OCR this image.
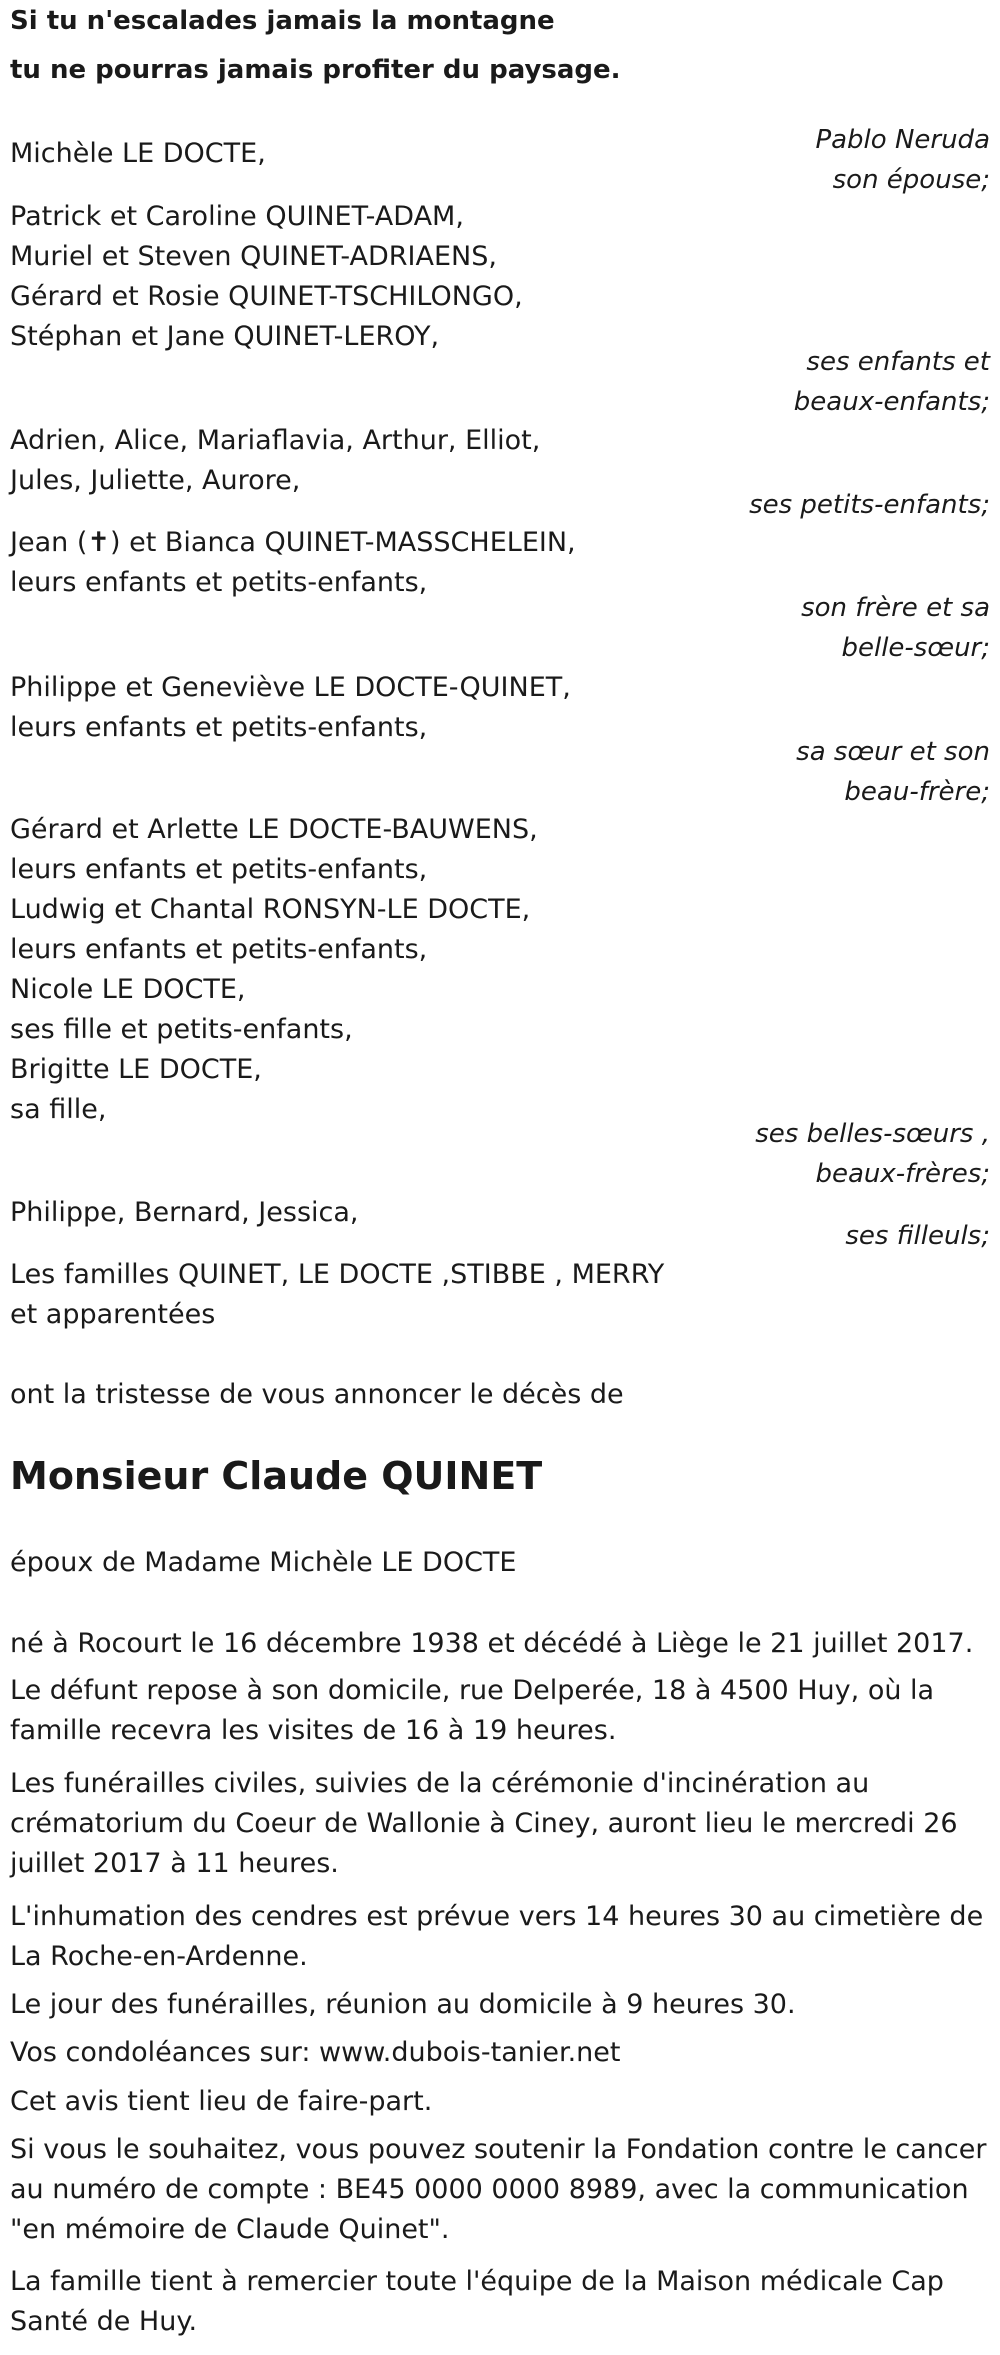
Si tu n'escalades jamais la montagne

tu ne pourras jamais profiter du paysage.

Pablo Neruda

Michèle LE DOCTE,

son épouse;

Patrick et Caroline QUINET-ADAM,

Muriel et Steven QUINET-ADRIAENS,

Gérard et Rosie QUINET-TSCHILONGO,

Stéphan et Jane QUINET-LEROY,

ses enfants et

beaux-enfants;

Adrien, Alice, Mariaflavia, Arthur, Elliot,

Jules, Juliette, Aurore,

ses petits-enfants;

Jean (✝) et Bianca QUINET-MASSCHELEIN,

leurs enfants et petits-enfants,

son frère et sa

belle-sœur;

Philippe et Geneviève LE DOCTE-QUINET,

leurs enfants et petits-enfants,

sa sœur et son

beau-frère;

Gérard et Arlette LE DOCTE-BAUWENS,

leurs enfants et petits-enfants,

Ludwig et Chantal RONSYN-LE DOCTE,

leurs enfants et petits-enfants,

Nicole LE DOCTE,

ses fille et petits-enfants,

Brigitte LE DOCTE,

sa fille,

ses belles-sœurs ,

beaux-frères;

Philippe, Bernard, Jessica,

ses filleuls;

Les familles QUINET, LE DOCTE ,STIBBE , MERRY

et apparentées

ont la tristesse de vous annoncer le décès de

Monsieur Claude QUINET

époux de Madame Michèle LE DOCTE

né à Rocourt le 16 décembre 1938 et décédé à Liège le 21 juillet 2017.

Le défunt repose à son domicile, rue Delperée, 18 à 4500 Huy, où la

famille recevra les visites de 16 à 19 heures.

Les funérailles civiles, suivies de la cérémonie d'incinération au

crématorium du Coeur de Wallonie à Ciney, auront lieu le mercredi 26

juillet 2017 à 11 heures.

L'inhumation des cendres est prévue vers 14 heures 30 au cimetière de

La Roche-en-Ardenne.

Le jour des funérailles, réunion au domicile à 9 heures 30.

Vos condoléances sur: www.dubois-tanier.net

Cet avis tient lieu de faire-part.

Si vous le souhaitez, vous pouvez soutenir la Fondation contre le cancer

au numéro de compte : BE45 0000 0000 8989, avec la communication

"en mémoire de Claude Quinet".

La famille tient à remercier toute l'équipe de la Maison médicale Cap

Santé de Huy.
